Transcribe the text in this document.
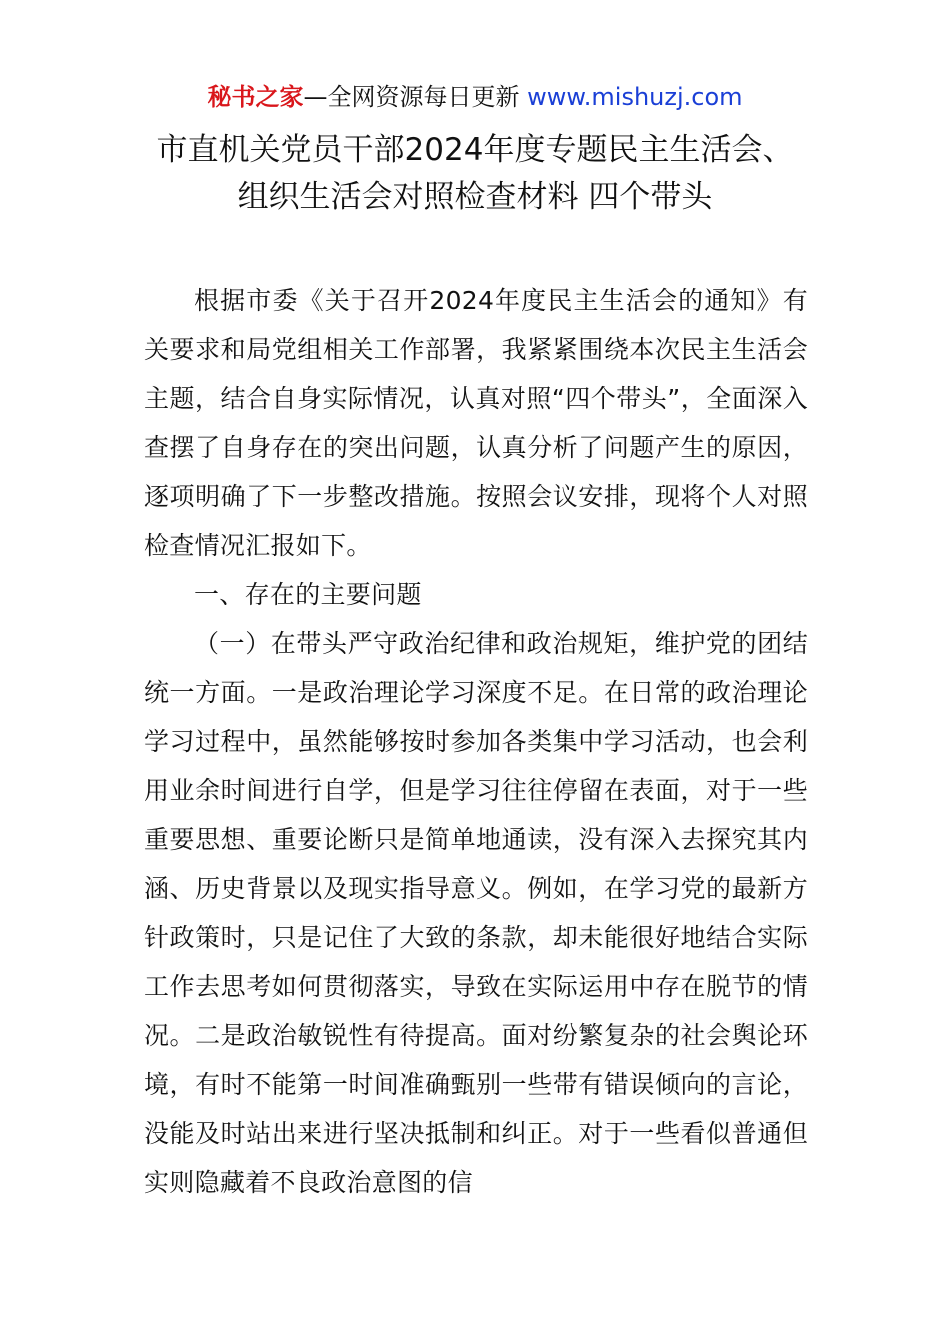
秘书之家—全网资源每日更新 www.mishuzj.com
市直机关党员干部2024年度专题民主生活会、
组织生活会对照检查材料 四个带头

根据市委《关于召开2024年度民主生活会的通知》有关要求和局党组相关工作部署，我紧紧围绕本次民主生活会主题，结合自身实际情况，认真对照“四个带头”，全面深入查摆了自身存在的突出问题，认真分析了问题产生的原因，逐项明确了下一步整改措施。按照会议安排，现将个人对照检查情况汇报如下。

一、存在的主要问题

（一）在带头严守政治纪律和政治规矩，维护党的团结统一方面。一是政治理论学习深度不足。在日常的政治理论学习过程中，虽然能够按时参加各类集中学习活动，也会利用业余时间进行自学，但是学习往往停留在表面，对于一些重要思想、重要论断只是简单地通读，没有深入去探究其内涵、历史背景以及现实指导意义。例如，在学习党的最新方针政策时，只是记住了大致的条款，却未能很好地结合实际工作去思考如何贯彻落实，导致在实际运用中存在脱节的情况。二是政治敏锐性有待提高。面对纷繁复杂的社会舆论环境，有时不能第一时间准确甄别一些带有错误倾向的言论，没能及时站出来进行坚决抵制和纠正。对于一些看似普通但实则隐藏着不良政治意图的信
